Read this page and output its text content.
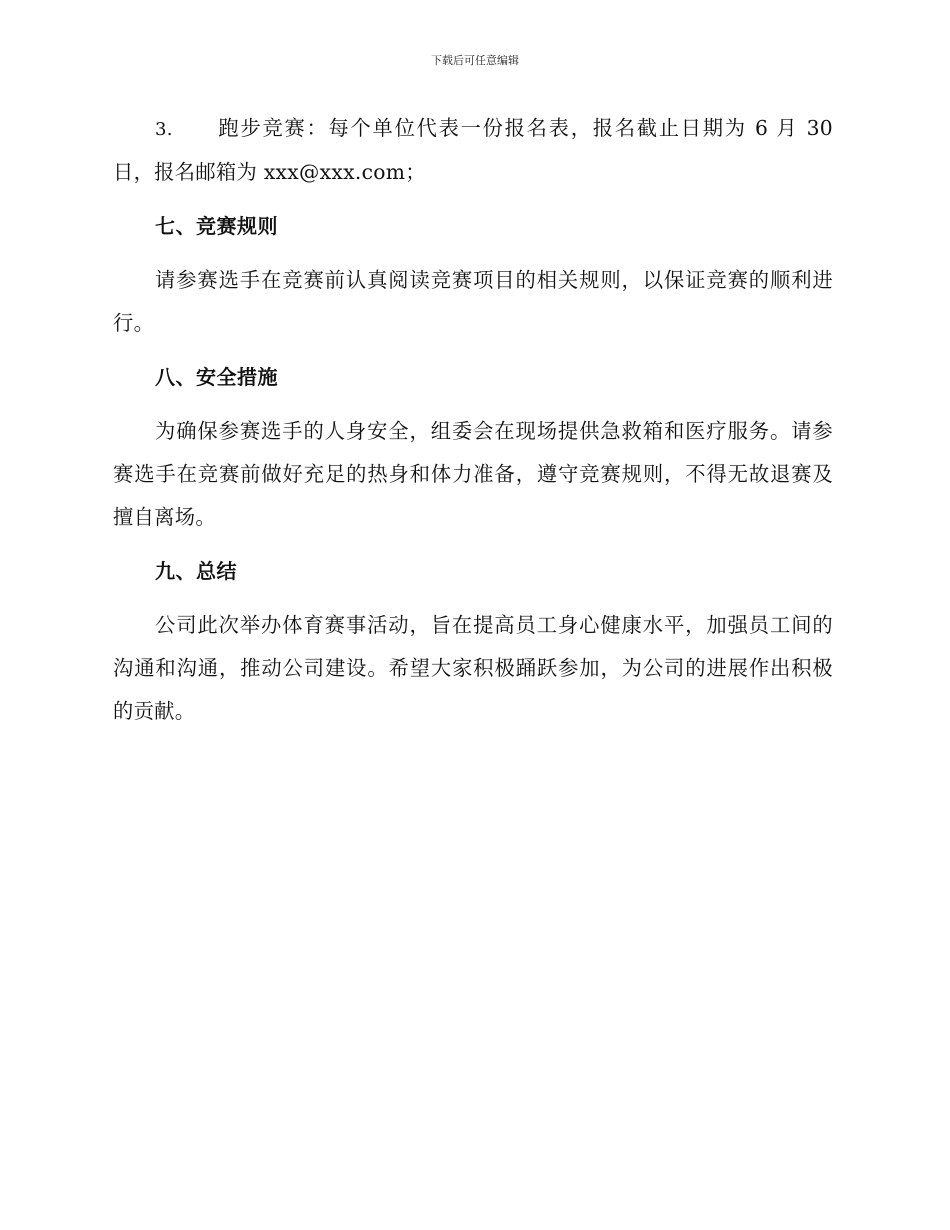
下载后可任意编辑

3. 跑步竞赛：每个单位代表一份报名表，报名截止日期为 6 月 30 日，报名邮箱为 xxx@xxx.com；

七、竞赛规则

请参赛选手在竞赛前认真阅读竞赛项目的相关规则，以保证竞赛的顺利进行。

八、安全措施

为确保参赛选手的人身安全，组委会在现场提供急救箱和医疗服务。请参赛选手在竞赛前做好充足的热身和体力准备，遵守竞赛规则，不得无故退赛及擅自离场。

九、总结

公司此次举办体育赛事活动，旨在提高员工身心健康水平，加强员工间的沟通和沟通，推动公司建设。希望大家积极踊跃参加，为公司的进展作出积极的贡献。
